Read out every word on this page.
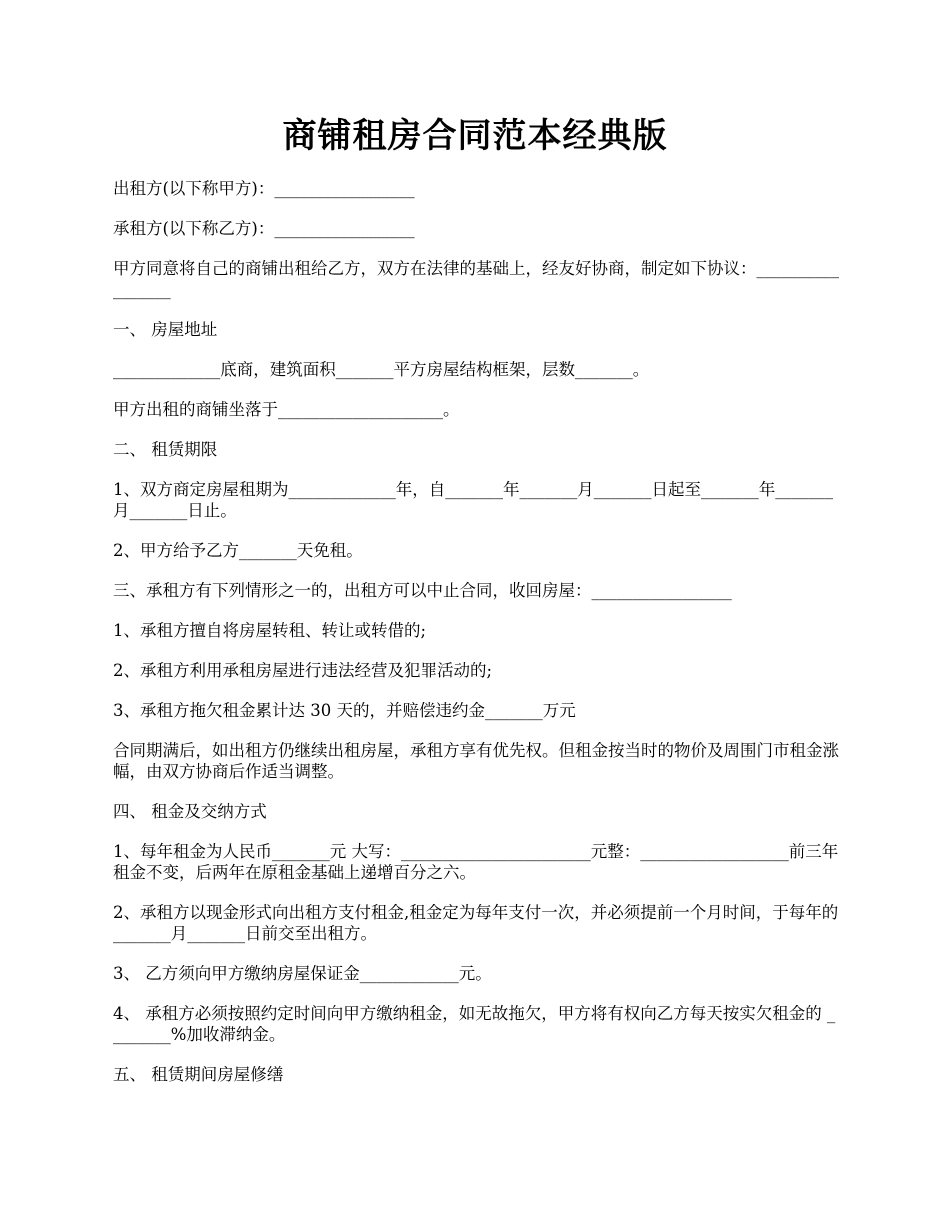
商铺租房合同范本经典版

出租方(以下称甲方)：_________________

承租方(以下称乙方)：_________________

甲方同意将自己的商铺出租给乙方，双方在法律的基础上，经友好协商，制定如下协议：_________________

一、 房屋地址

_____________底商，建筑面积_______平方房屋结构框架，层数_______。

甲方出租的商铺坐落于____________________。

二、 租赁期限

1、双方商定房屋租期为_____________年，自_______年_______月_______日起至_______年_______月_______日止。

2、甲方给予乙方_______天免租。

三、承租方有下列情形之一的，出租方可以中止合同，收回房屋：_________________

1、承租方擅自将房屋转租、转让或转借的;

2、承租方利用承租房屋进行违法经营及犯罪活动的;

3、承租方拖欠租金累计达 30 天的，并赔偿违约金_______万元

合同期满后，如出租方仍继续出租房屋，承租方享有优先权。但租金按当时的物价及周围门市租金涨幅，由双方协商后作适当调整。

四、 租金及交纳方式

1、每年租金为人民币_______元 大写：_______________________元整：__________________前三年租金不变，后两年在原租金基础上递增百分之六。

2、承租方以现金形式向出租方支付租金,租金定为每年支付一次，并必须提前一个月时间，于每年的_______月_______日前交至出租方。

3、 乙方须向甲方缴纳房屋保证金____________元。

4、 承租方必须按照约定时间向甲方缴纳租金，如无故拖欠，甲方将有权向乙方每天按实欠租金的 ________%加收滞纳金。

五、 租赁期间房屋修缮
